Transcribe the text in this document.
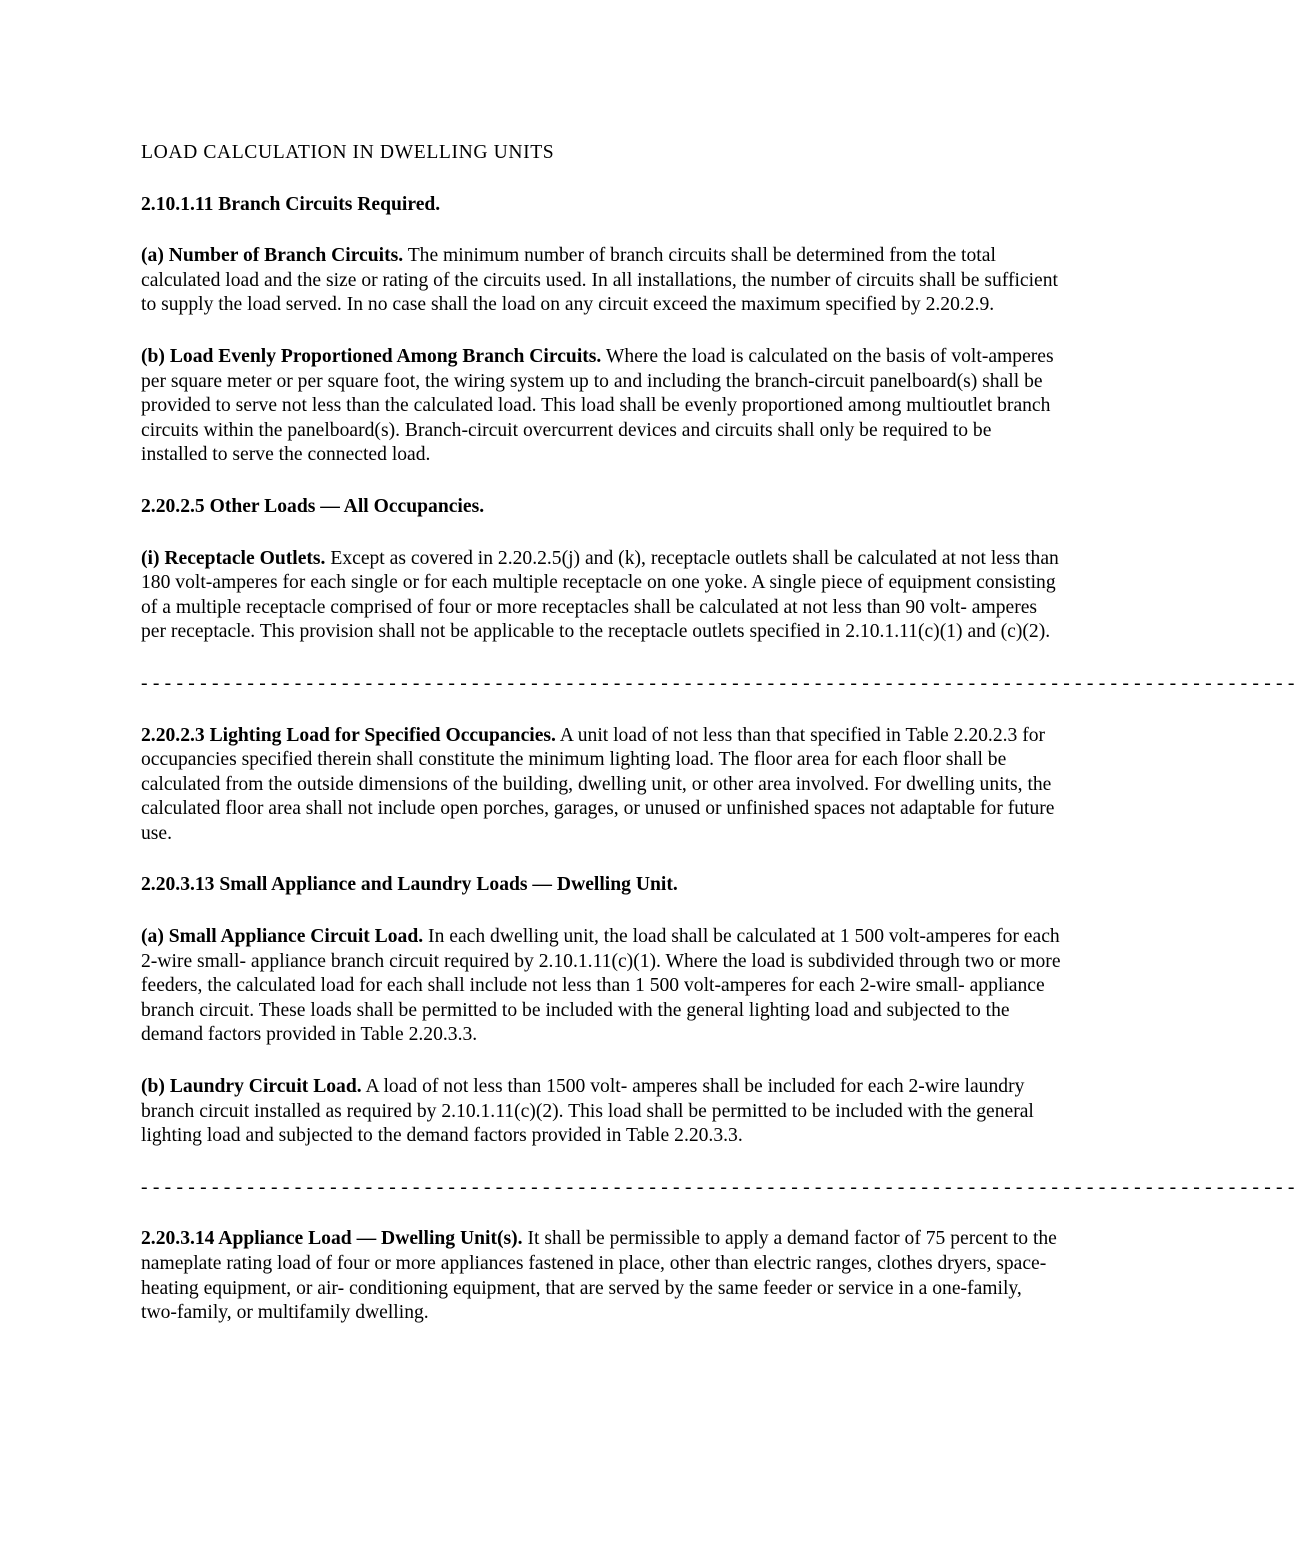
LOAD CALCULATION IN DWELLING UNITS

2.10.1.11 Branch Circuits Required.

(a) Number of Branch Circuits. The minimum number of branch circuits shall be determined from the total calculated load and the size or rating of the circuits used. In all installations, the number of circuits shall be sufficient to supply the load served. In no case shall the load on any circuit exceed the maximum specified by 2.20.2.9.

(b) Load Evenly Proportioned Among Branch Circuits. Where the load is calculated on the basis of volt-amperes per square meter or per square foot, the wiring system up to and including the branch-circuit panelboard(s) shall be provided to serve not less than the calculated load. This load shall be evenly proportioned among multioutlet branch circuits within the panelboard(s). Branch-circuit overcurrent devices and circuits shall only be required to be installed to serve the connected load.

2.20.2.5 Other Loads — All Occupancies.

(i) Receptacle Outlets. Except as covered in 2.20.2.5(j) and (k), receptacle outlets shall be calculated at not less than 180 volt-amperes for each single or for each multiple receptacle on one yoke. A single piece of equipment consisting of a multiple receptacle comprised of four or more receptacles shall be calculated at not less than 90 volt- amperes per receptacle. This provision shall not be applicable to the receptacle outlets specified in 2.10.1.11(c)(1) and (c)(2).

- - - - - - - - - - - - - - - - - - - - - - - - - - - - - - - - - - - - - - - - - - - - - - - - - - - - - - - - - - - - - - - - - - - - - - - - - - - - - - - - - - - - - - - - - - - - - - - - - -

2.20.2.3 Lighting Load for Specified Occupancies. A unit load of not less than that specified in Table 2.20.2.3 for occupancies specified therein shall constitute the minimum lighting load. The floor area for each floor shall be calculated from the outside dimensions of the building, dwelling unit, or other area involved. For dwelling units, the calculated floor area shall not include open porches, garages, or unused or unfinished spaces not adaptable for future use.

2.20.3.13 Small Appliance and Laundry Loads — Dwelling Unit.

(a) Small Appliance Circuit Load. In each dwelling unit, the load shall be calculated at 1 500 volt-amperes for each 2-wire small- appliance branch circuit required by 2.10.1.11(c)(1). Where the load is subdivided through two or more feeders, the calculated load for each shall include not less than 1 500 volt-amperes for each 2-wire small- appliance branch circuit. These loads shall be permitted to be included with the general lighting load and subjected to the demand factors provided in Table 2.20.3.3.

(b) Laundry Circuit Load. A load of not less than 1500 volt- amperes shall be included for each 2-wire laundry branch circuit installed as required by 2.10.1.11(c)(2). This load shall be permitted to be included with the general lighting load and subjected to the demand factors provided in Table 2.20.3.3.

- - - - - - - - - - - - - - - - - - - - - - - - - - - - - - - - - - - - - - - - - - - - - - - - - - - - - - - - - - - - - - - - - - - - - - - - - - - - - - - - - - - - - - - - - - - - - - - - - -

2.20.3.14 Appliance Load — Dwelling Unit(s). It shall be permissible to apply a demand factor of 75 percent to the nameplate rating load of four or more appliances fastened in place, other than electric ranges, clothes dryers, space-heating equipment, or air- conditioning equipment, that are served by the same feeder or service in a one-family, two-family, or multifamily dwelling.
